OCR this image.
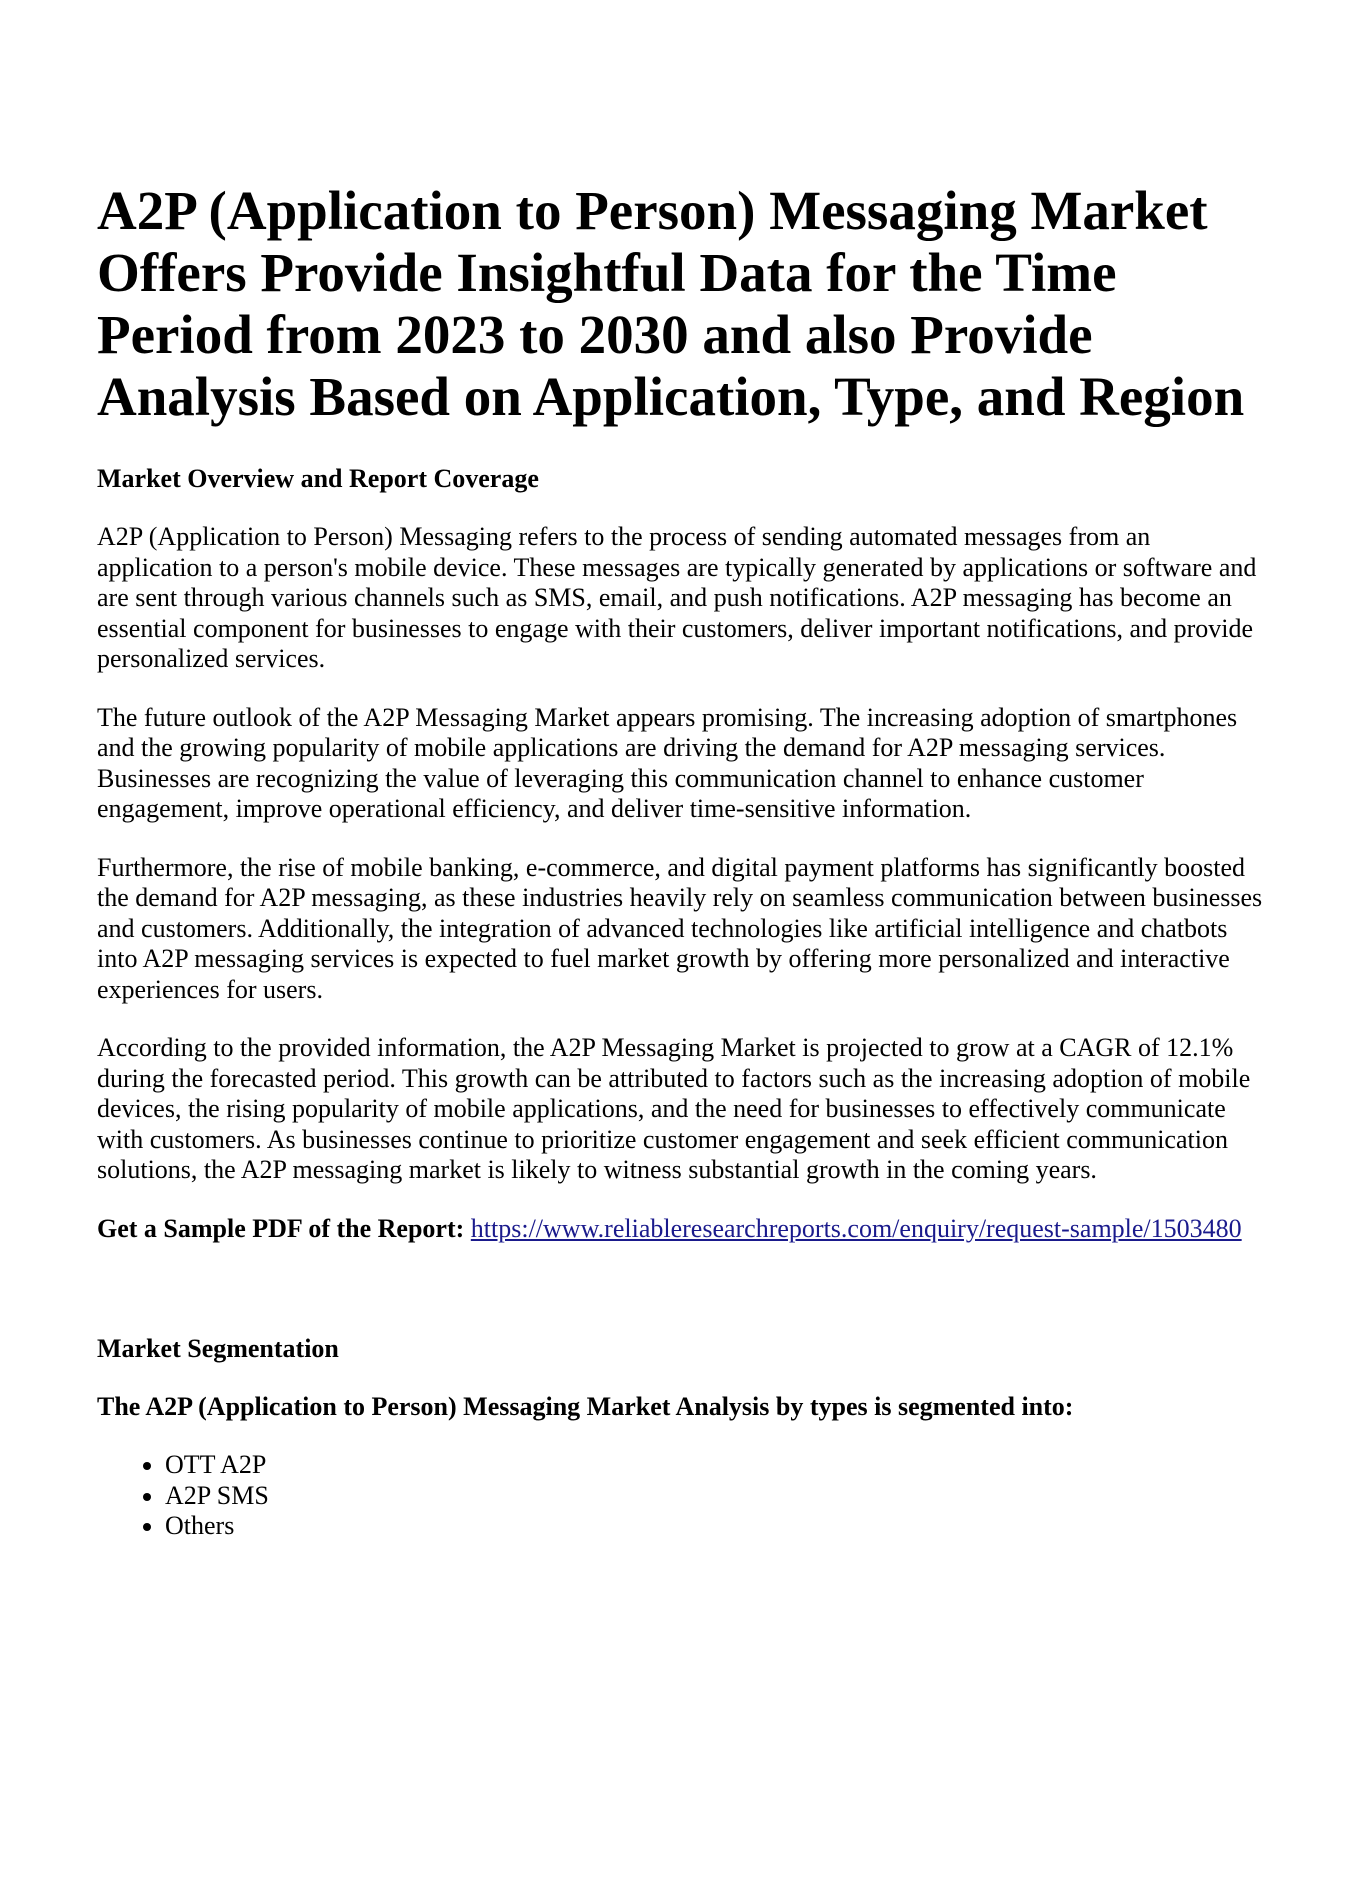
A2P (Application to Person) Messaging Market Offers Provide Insightful Data for the Time Period from 2023 to 2030 and also Provide Analysis Based on Application, Type, and Region
Market Overview and Report Coverage

A2P (Application to Person) Messaging refers to the process of sending automated messages from an application to a person's mobile device. These messages are typically generated by applications or software and are sent through various channels such as SMS, email, and push notifications. A2P messaging has become an essential component for businesses to engage with their customers, deliver important notifications, and provide personalized services.

The future outlook of the A2P Messaging Market appears promising. The increasing adoption of smartphones and the growing popularity of mobile applications are driving the demand for A2P messaging services. Businesses are recognizing the value of leveraging this communication channel to enhance customer engagement, improve operational efficiency, and deliver time-sensitive information.

Furthermore, the rise of mobile banking, e-commerce, and digital payment platforms has significantly boosted the demand for A2P messaging, as these industries heavily rely on seamless communication between businesses and customers. Additionally, the integration of advanced technologies like artificial intelligence and chatbots into A2P messaging services is expected to fuel market growth by offering more personalized and interactive experiences for users.

According to the provided information, the A2P Messaging Market is projected to grow at a CAGR of 12.1% during the forecasted period. This growth can be attributed to factors such as the increasing adoption of mobile devices, the rising popularity of mobile applications, and the need for businesses to effectively communicate with customers. As businesses continue to prioritize customer engagement and seek efficient communication solutions, the A2P messaging market is likely to witness substantial growth in the coming years.

Get a Sample PDF of the Report: https://www.reliableresearchreports.com/enquiry/request-sample/1503480
Market Segmentation
The A2P (Application to Person) Messaging Market Analysis by types is segmented into:
• OTT A2P
• A2P SMS
• Others
